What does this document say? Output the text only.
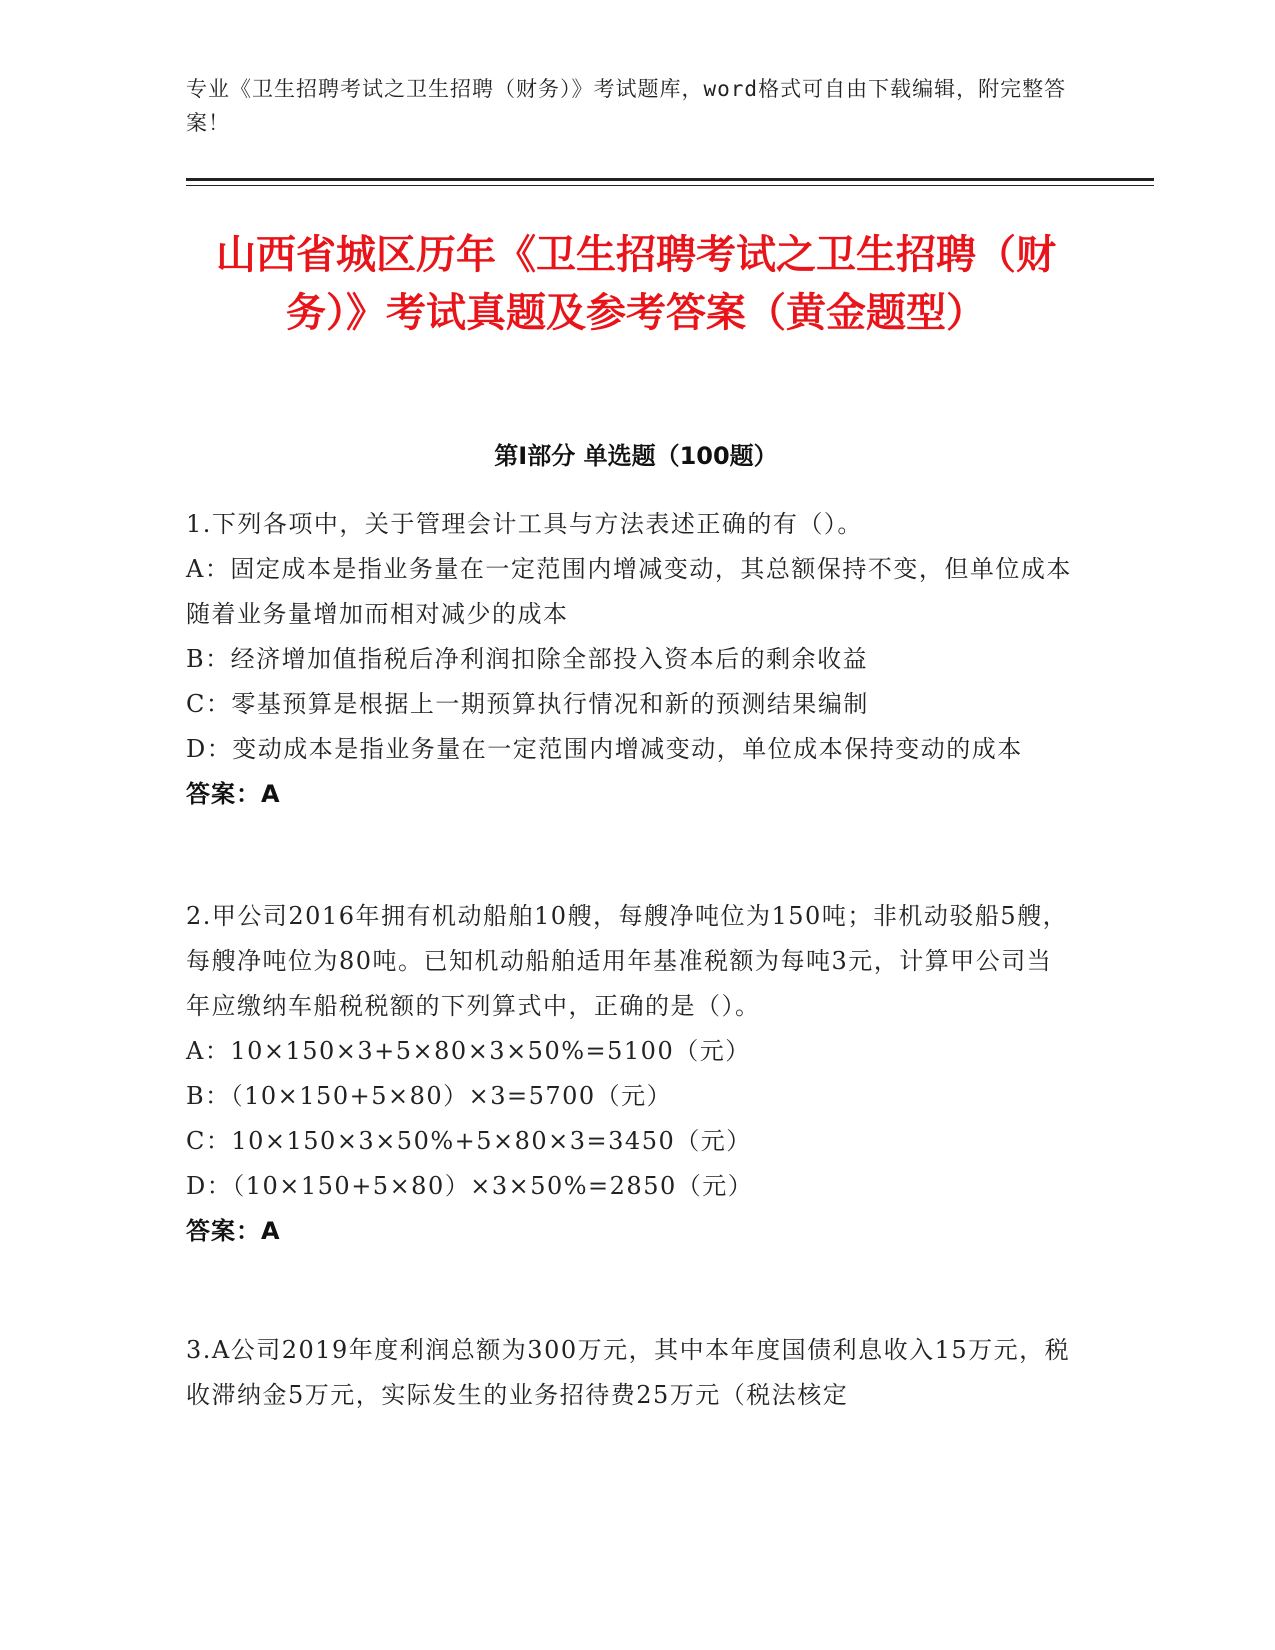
专业《卫生招聘考试之卫生招聘（财务）》考试题库，word格式可自由下载编辑，附完整答案！
山西省城区历年《卫生招聘考试之卫生招聘（财务）》考试真题及参考答案（黄金题型）
第Ⅰ部分 单选题（100题）
1.下列各项中，关于管理会计工具与方法表述正确的有（）。
A：固定成本是指业务量在一定范围内增减变动，其总额保持不变，但单位成本随着业务量增加而相对减少的成本
B：经济增加值指税后净利润扣除全部投入资本后的剩余收益
C：零基预算是根据上一期预算执行情况和新的预测结果编制
D：变动成本是指业务量在一定范围内增减变动，单位成本保持变动的成本
答案：A
2.甲公司2016年拥有机动船舶10艘，每艘净吨位为150吨；非机动驳船5艘，每艘净吨位为80吨。已知机动船舶适用年基准税额为每吨3元，计算甲公司当年应缴纳车船税税额的下列算式中，正确的是（）。
A：10×150×3+5×80×3×50%=5100（元）
B：（10×150+5×80）×3=5700（元）
C：10×150×3×50%+5×80×3=3450（元）
D：（10×150+5×80）×3×50%=2850（元）
答案：A
3.A公司2019年度利润总额为300万元，其中本年度国债利息收入15万元，税收滞纳金5万元，实际发生的业务招待费25万元（税法核定
